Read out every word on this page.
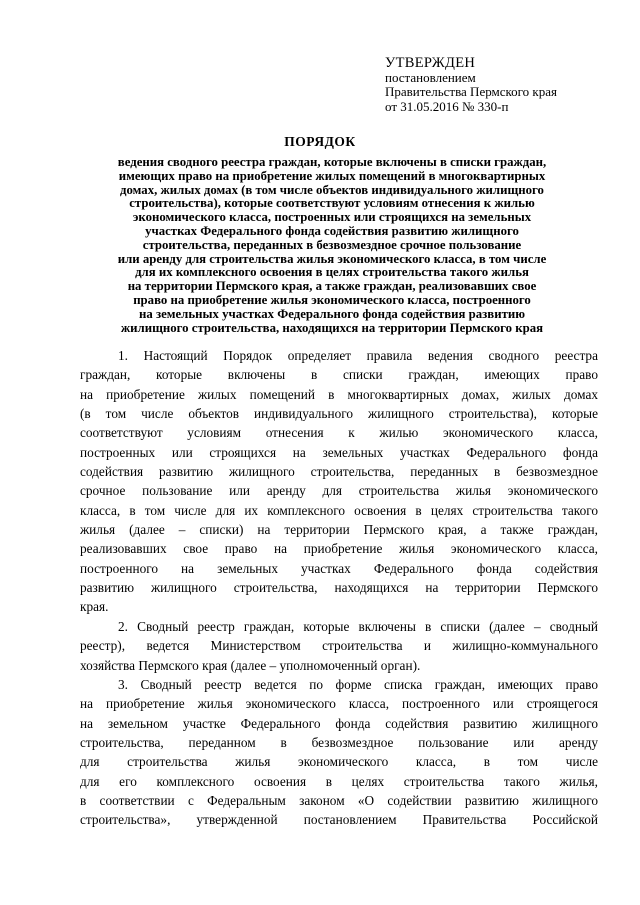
УТВЕРЖДЕН
постановлением
Правительства Пермского края
от 31.05.2016 № 330-п
ПОРЯДОК
ведения сводного реестра граждан, которые включены в списки граждан,
имеющих право на приобретение жилых помещений в многоквартирных
домах, жилых домах (в том числе объектов индивидуального жилищного
строительства), которые соответствуют условиям отнесения к жилью
экономического класса, построенных или строящихся на земельных
участках Федерального фонда содействия развитию жилищного
строительства, переданных в безвозмездное срочное пользование
или аренду для строительства жилья экономического класса, в том числе
для их комплексного освоения в целях строительства такого жилья
на территории Пермского края, а также граждан, реализовавших свое
право на приобретение жилья экономического класса, построенного
на земельных участках Федерального фонда содействия развитию
жилищного строительства, находящихся на территории Пермского края
1. Настоящий Порядок определяет правила ведения сводного реестра
граждан, которые включены в списки граждан, имеющих право
на приобретение жилых помещений в многоквартирных домах, жилых домах
(в том числе объектов индивидуального жилищного строительства), которые
соответствуют условиям отнесения к жилью экономического класса,
построенных или строящихся на земельных участках Федерального фонда
содействия развитию жилищного строительства, переданных в безвозмездное
срочное пользование или аренду для строительства жилья экономического
класса, в том числе для их комплексного освоения в целях строительства такого
жилья (далее – списки) на территории Пермского края, а также граждан,
реализовавших свое право на приобретение жилья экономического класса,
построенного на земельных участках Федерального фонда содействия
развитию жилищного строительства, находящихся на территории Пермского
края.
2. Сводный реестр граждан, которые включены в списки (далее – сводный
реестр), ведется Министерством строительства и жилищно-коммунального
хозяйства Пермского края (далее – уполномоченный орган).
3. Сводный реестр ведется по форме списка граждан, имеющих право
на приобретение жилья экономического класса, построенного или строящегося
на земельном участке Федерального фонда содействия развитию жилищного
строительства, переданном в безвозмездное пользование или аренду
для строительства жилья экономического класса, в том числе
для его комплексного освоения в целях строительства такого жилья,
в соответствии с Федеральным законом «О содействии развитию жилищного
строительства», утвержденной постановлением Правительства Российской
